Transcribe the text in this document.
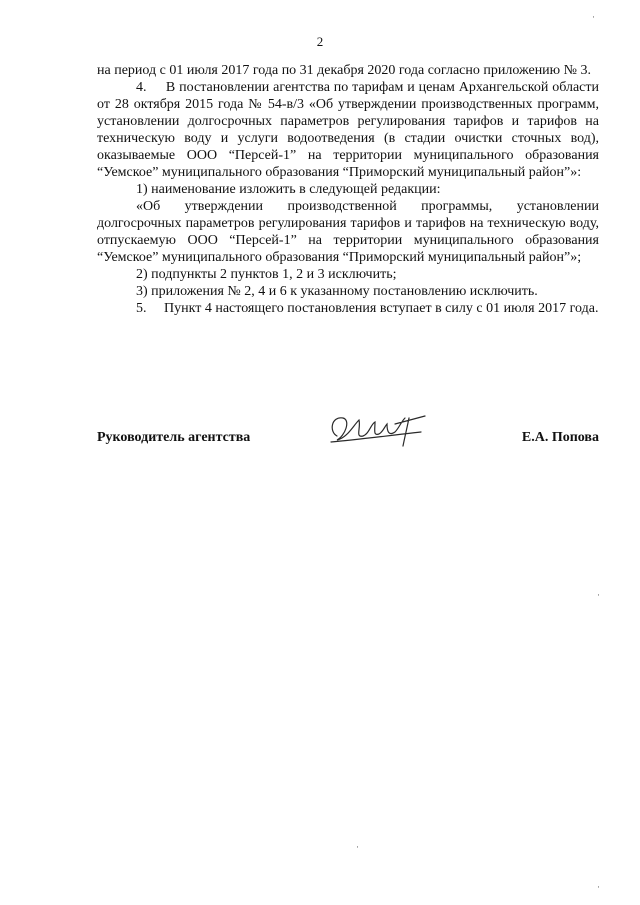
2

на период с 01 июля 2017 года по 31 декабря 2020 года согласно приложению № 3.

4.     В постановлении агентства по тарифам и ценам Архангельской области от 28 октября 2015 года № 54-в/3 «Об утверждении производственных программ, установлении долгосрочных параметров регулирования тарифов и тарифов на техническую воду и услуги водоотведения (в стадии очистки сточных вод), оказываемые ООО “Персей-1” на территории муниципального образования “Уемское” муниципального образования “Приморский муниципальный район”»:

1) наименование изложить в следующей редакции:

«Об утверждении производственной программы, установлении долгосрочных параметров регулирования тарифов и тарифов на техническую воду, отпускаемую ООО “Персей-1” на территории муниципального образования “Уемское” муниципального образования “Приморский муниципальный район”»;

2) подпункты 2 пунктов 1, 2 и 3 исключить;

3) приложения № 2, 4 и 6 к указанному постановлению исключить.

5.     Пункт 4 настоящего постановления вступает в силу с 01 июля 2017 года.

Руководитель агентства	Е.А. Попова
·
·
·
·
